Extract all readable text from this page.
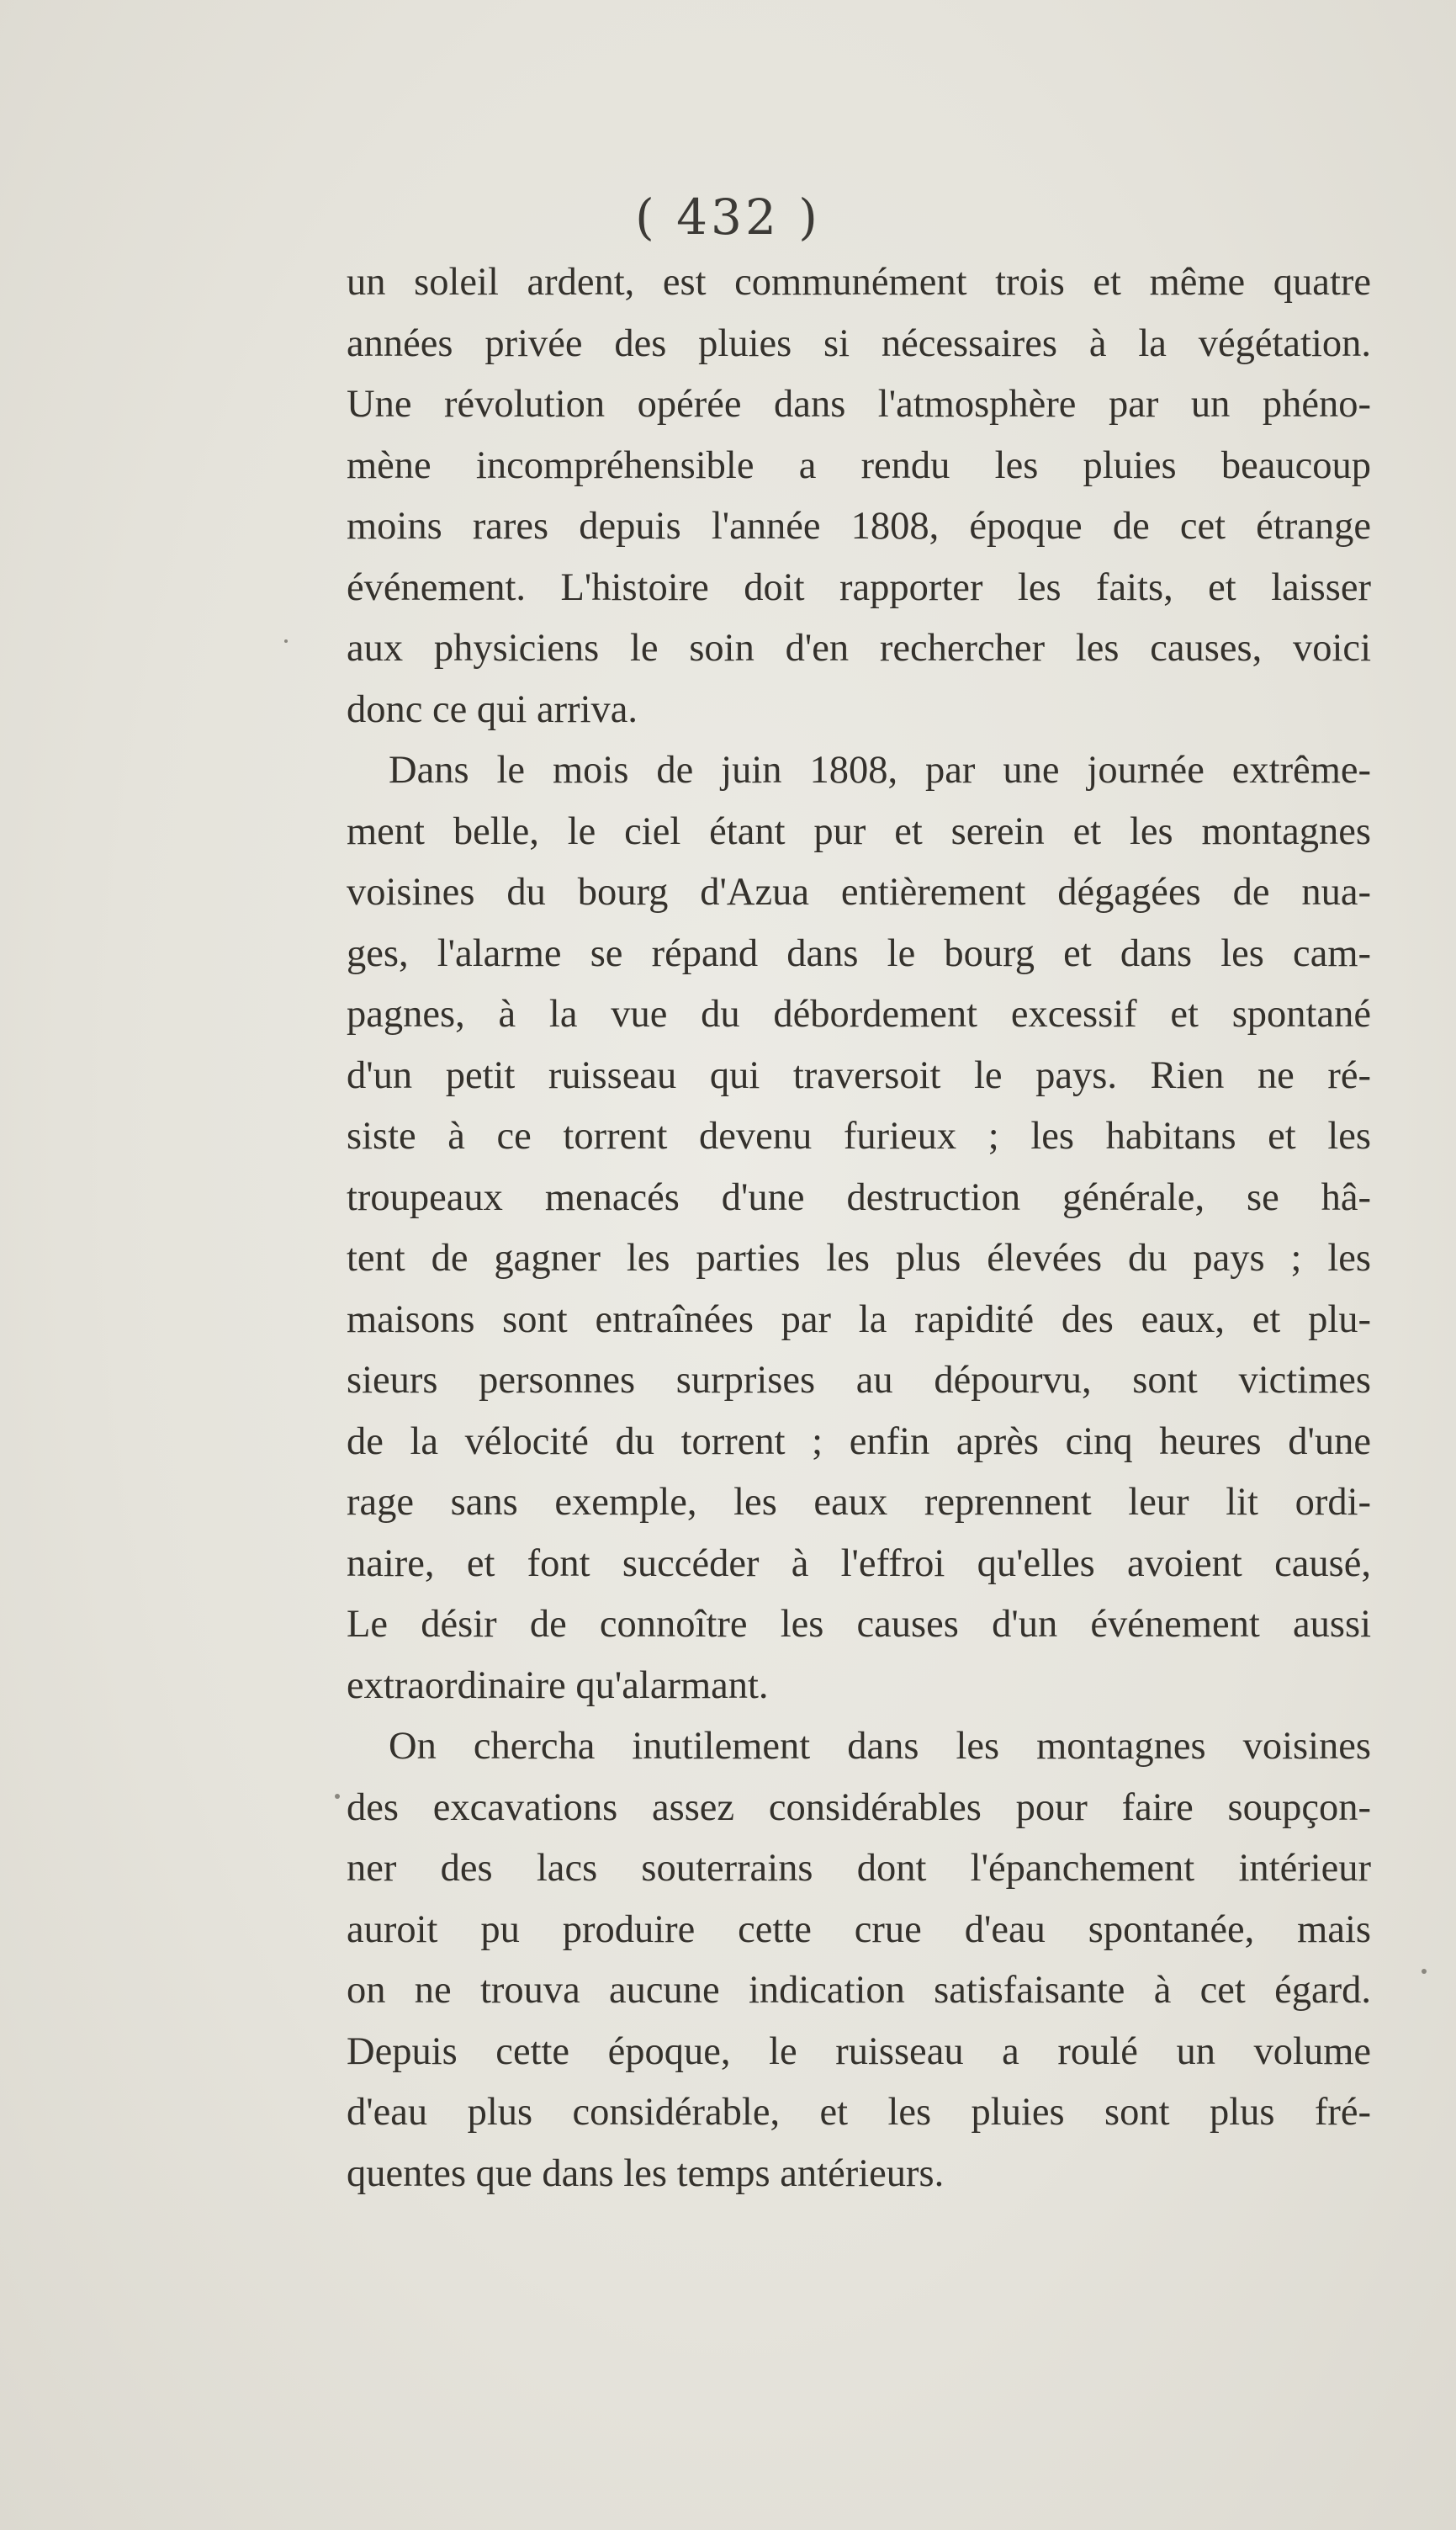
( 432 )
un soleil ardent, est communément trois et même quatre
années privée des pluies si nécessaires à la végétation.
Une révolution opérée dans l'atmosphère par un phéno-
mène incompréhensible a rendu les pluies beaucoup
moins rares depuis l'année 1808, époque de cet étrange
événement. L'histoire doit rapporter les faits, et laisser
aux physiciens le soin d'en rechercher les causes, voici
donc ce qui arriva.
Dans le mois de juin 1808, par une journée extrême-
ment belle, le ciel étant pur et serein et les montagnes
voisines du bourg d'Azua entièrement dégagées de nua-
ges, l'alarme se répand dans le bourg et dans les cam-
pagnes, à la vue du débordement excessif et spontané
d'un petit ruisseau qui traversoit le pays. Rien ne ré-
siste à ce torrent devenu furieux ; les habitans et les
troupeaux menacés d'une destruction générale, se hâ-
tent de gagner les parties les plus élevées du pays ; les
maisons sont entraînées par la rapidité des eaux, et plu-
sieurs personnes surprises au dépourvu, sont victimes
de la vélocité du torrent ; enfin après cinq heures d'une
rage sans exemple, les eaux reprennent leur lit ordi-
naire, et font succéder à l'effroi qu'elles avoient causé,
Le désir de connoître les causes d'un événement aussi
extraordinaire qu'alarmant.
On chercha inutilement dans les montagnes voisines
des excavations assez considérables pour faire soupçon-
ner des lacs souterrains dont l'épanchement intérieur
auroit pu produire cette crue d'eau spontanée, mais
on ne trouva aucune indication satisfaisante à cet égard.
Depuis cette époque, le ruisseau a roulé un volume
d'eau plus considérable, et les pluies sont plus fré-
quentes que dans les temps antérieurs.
